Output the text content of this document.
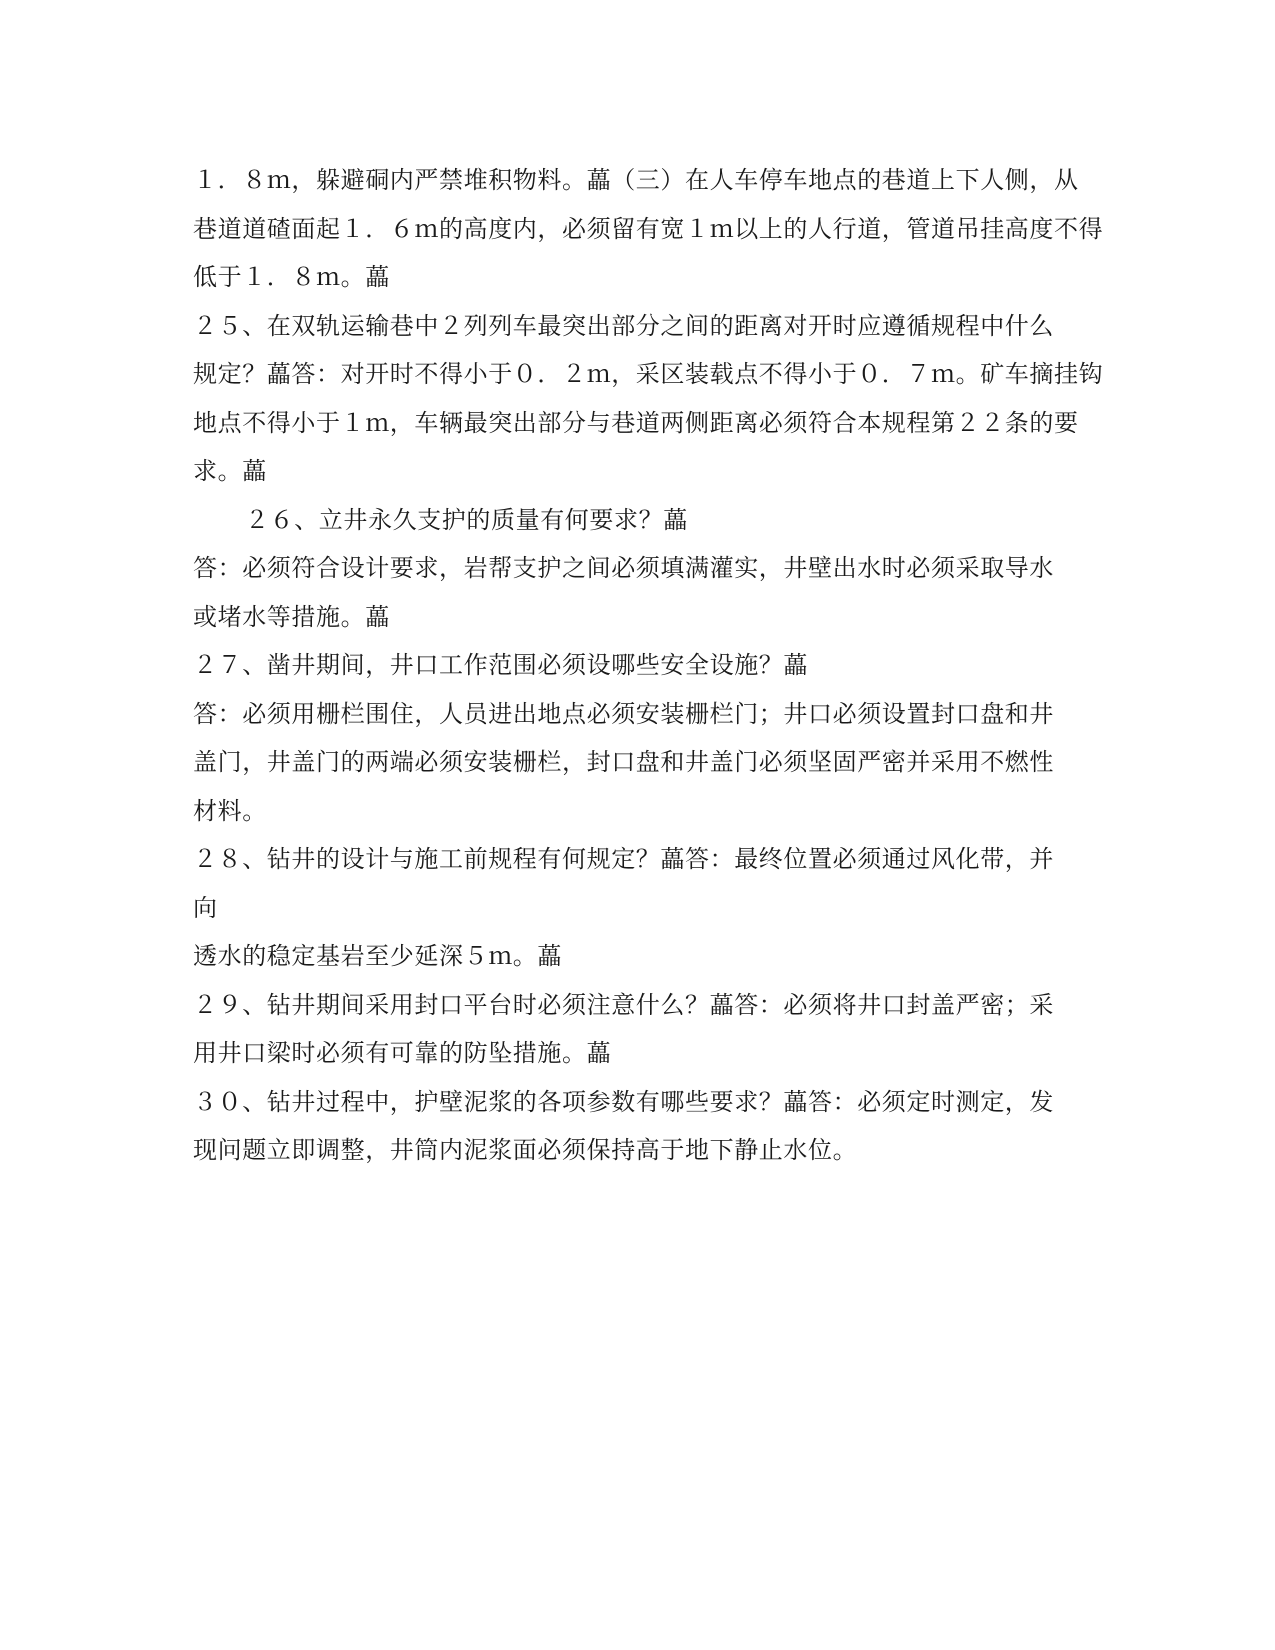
１．８ｍ，躲避硐内严禁堆积物料。藟（三）在人车停车地点的巷道上下人侧，从
巷道道碴面起１．６ｍ的高度内，必须留有宽１ｍ以上的人行道，管道吊挂高度不得
低于１．８ｍ。藟
２５、在双轨运输巷中２列列车最突出部分之间的距离对开时应遵循规程中什么
规定？藟答：对开时不得小于０．２ｍ，采区装载点不得小于０．７ｍ。矿车摘挂钩
地点不得小于１ｍ，车辆最突出部分与巷道两侧距离必须符合本规程第２２条的要
求。藟
２６、立井永久支护的质量有何要求？藟
答：必须符合设计要求，岩帮支护之间必须填满灌实，井壁出水时必须采取导水
或堵水等措施。藟
２７、凿井期间，井口工作范围必须设哪些安全设施？藟
答：必须用栅栏围住，人员进出地点必须安装栅栏门；井口必须设置封口盘和井
盖门，井盖门的两端必须安装栅栏，封口盘和井盖门必须坚固严密并采用不燃性
材料。
２８、钻井的设计与施工前规程有何规定？藟答：最终位置必须通过风化带，并
向
透水的稳定基岩至少延深５ｍ。藟
２９、钻井期间采用封口平台时必须注意什么？藟答：必须将井口封盖严密；采
用井口梁时必须有可靠的防坠措施。藟
３０、钻井过程中，护壁泥浆的各项参数有哪些要求？藟答：必须定时测定，发
现问题立即调整，井筒内泥浆面必须保持高于地下静止水位。
